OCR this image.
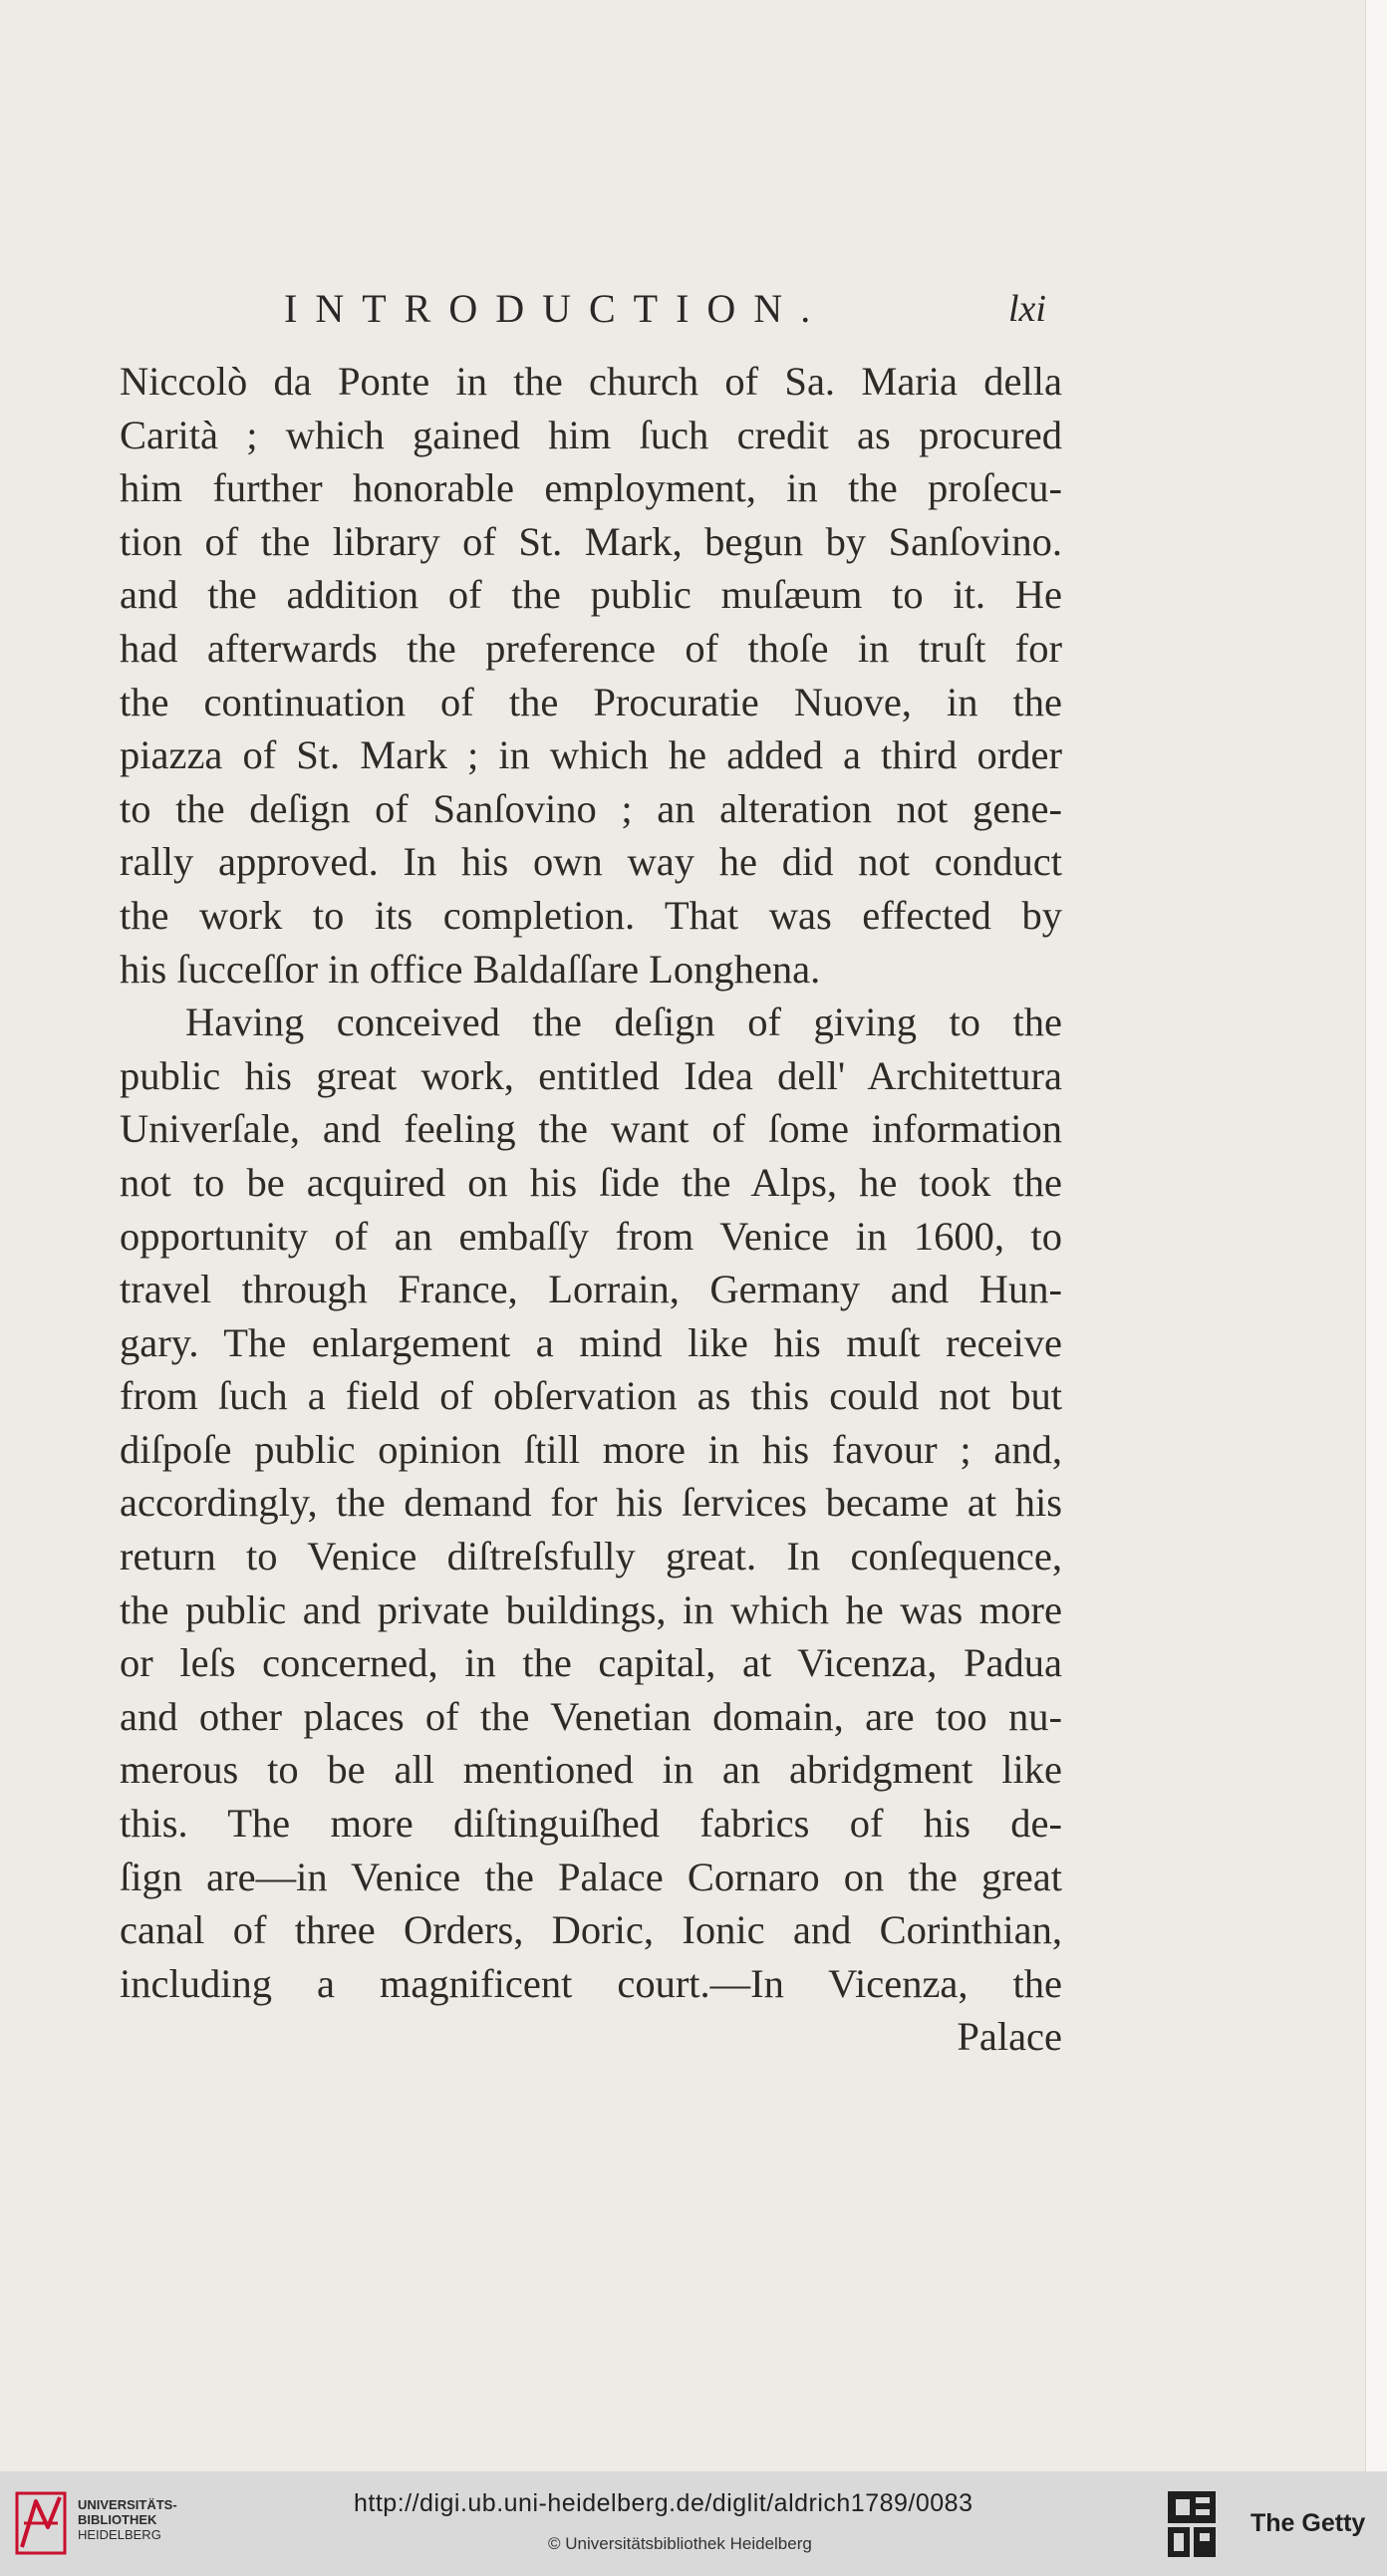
INTRODUCTION.	lxi
Niccolò da Ponte in the church of Sa. Maria della
Carità ; which gained him ſuch credit as procured
him further honorable employment, in the proſecu-
tion of the library of St. Mark, begun by Sanſovino.
and the addition of the public muſæum to it. He
had afterwards the preference of thoſe in truſt for
the continuation of the Procuratie Nuove, in the
piazza of St. Mark ; in which he added a third order
to the deſign of Sanſovino ; an alteration not gene-
rally approved. In his own way he did not conduct
the work to its completion. That was effected by
his ſucceſſor in office Baldaſſare Longhena.
Having conceived the deſign of giving to the
public his great work, entitled Idea dell' Architettura
Univerſale, and feeling the want of ſome information
not to be acquired on his ſide the Alps, he took the
opportunity of an embaſſy from Venice in 1600, to
travel through France, Lorrain, Germany and Hun-
gary. The enlargement a mind like his muſt receive
from ſuch a field of obſervation as this could not but
diſpoſe public opinion ſtill more in his favour ; and,
accordingly, the demand for his ſervices became at his
return to Venice diſtreſsfully great. In conſequence,
the public and private buildings, in which he was more
or leſs concerned, in the capital, at Vicenza, Padua
and other places of the Venetian domain, are too nu-
merous to be all mentioned in an abridgment like
this. The more diſtinguiſhed fabrics of his de-
ſign are—in Venice the Palace Cornaro on the great
canal of three Orders, Doric, Ionic and Corinthian,
including a magnificent court.—In Vicenza, the
Palace
UNIVERSITÄTS-
BIBLIOTHEK
HEIDELBERG
http://digi.ub.uni-heidelberg.de/diglit/aldrich1789/0083
© Universitätsbibliothek Heidelberg
The Getty
